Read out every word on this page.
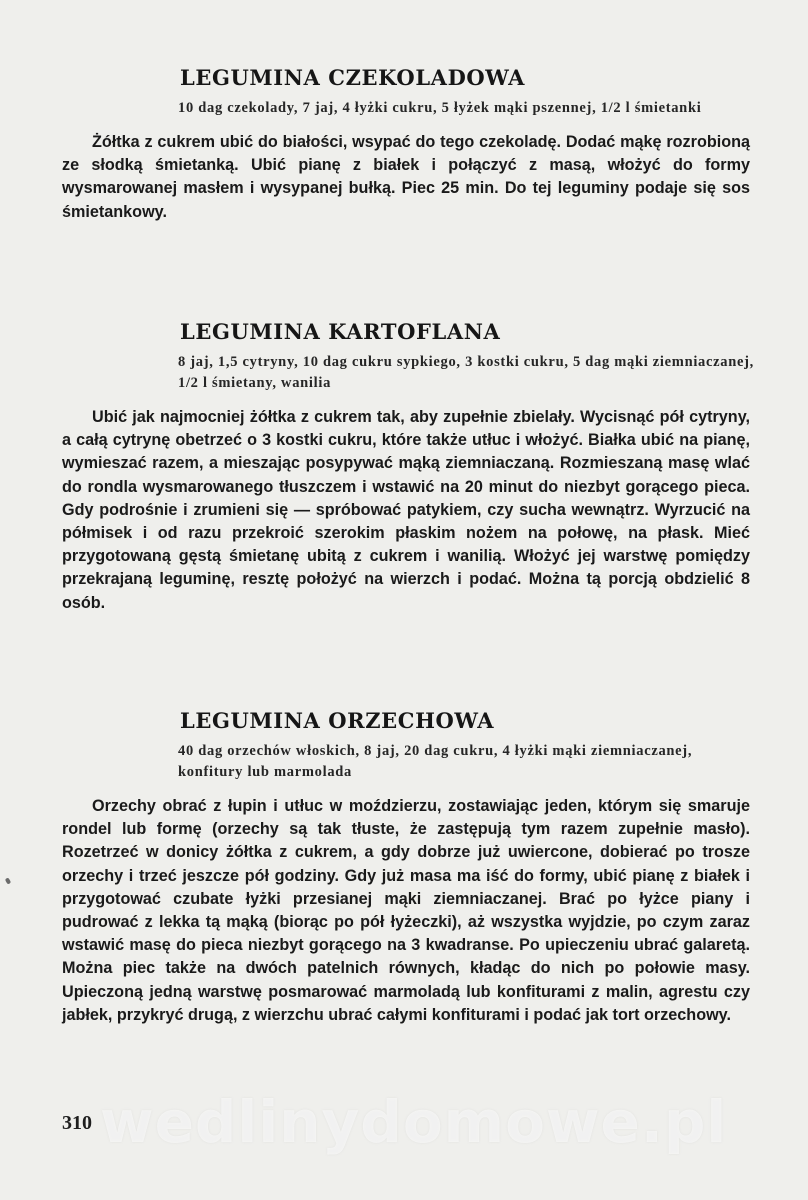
LEGUMINA CZEKOLADOWA

10 dag czekolady, 7 jaj, 4 łyżki cukru, 5 łyżek mąki pszennej, 1/2 l śmietanki

Żółtka z cukrem ubić do białości, wsypać do tego czekoladę. Dodać mąkę rozrobioną ze słodką śmietanką. Ubić pianę z białek i połączyć z masą, włożyć do formy wysmarowanej masłem i wysypanej bułką. Piec 25 min. Do tej leguminy podaje się sos śmietankowy.

LEGUMINA KARTOFLANA

8 jaj, 1,5 cytryny, 10 dag cukru sypkiego, 3 kostki cukru, 5 dag mąki ziemniaczanej, 1/2 l śmietany, wanilia

Ubić jak najmocniej żółtka z cukrem tak, aby zupełnie zbielały. Wycisnąć pół cytryny, a całą cytrynę obetrzeć o 3 kostki cukru, które także utłuc i włożyć. Białka ubić na pianę, wymieszać razem, a mieszając posypywać mąką ziemniaczaną. Rozmieszaną masę wlać do rondla wysmarowanego tłuszczem i wstawić na 20 minut do niezbyt gorącego pieca. Gdy podrośnie i zrumieni się — spróbować patykiem, czy sucha wewnątrz. Wyrzucić na półmisek i od razu przekroić szerokim płaskim nożem na połowę, na płask. Mieć przygotowaną gęstą śmietanę ubitą z cukrem i wanilią. Włożyć jej warstwę pomiędzy przekrajaną leguminę, resztę położyć na wierzch i podać. Można tą porcją obdzielić 8 osób.

LEGUMINA ORZECHOWA

40 dag orzechów włoskich, 8 jaj, 20 dag cukru, 4 łyżki mąki ziemniaczanej, konfitury lub marmolada

Orzechy obrać z łupin i utłuc w moździerzu, zostawiając jeden, którym się smaruje rondel lub formę (orzechy są tak tłuste, że zastępują tym razem zupełnie masło). Rozetrzeć w donicy żółtka z cukrem, a gdy dobrze już uwiercone, dobierać po trosze orzechy i trzeć jeszcze pół godziny. Gdy już masa ma iść do formy, ubić pianę z białek i przygotować czubate łyżki przesianej mąki ziemniaczanej. Brać po łyżce piany i pudrować z lekka tą mąką (biorąc po pół łyżeczki), aż wszystka wyjdzie, po czym zaraz wstawić masę do pieca niezbyt gorącego na 3 kwadranse. Po upieczeniu ubrać galaretą. Można piec także na dwóch patelnich równych, kładąc do nich po połowie masy. Upieczoną jedną warstwę posmarować marmoladą lub konfiturami z malin, agrestu czy jabłek, przykryć drugą, z wierzchu ubrać całymi konfiturami i podać jak tort orzechowy.

wedlinydomowe.pl
310
